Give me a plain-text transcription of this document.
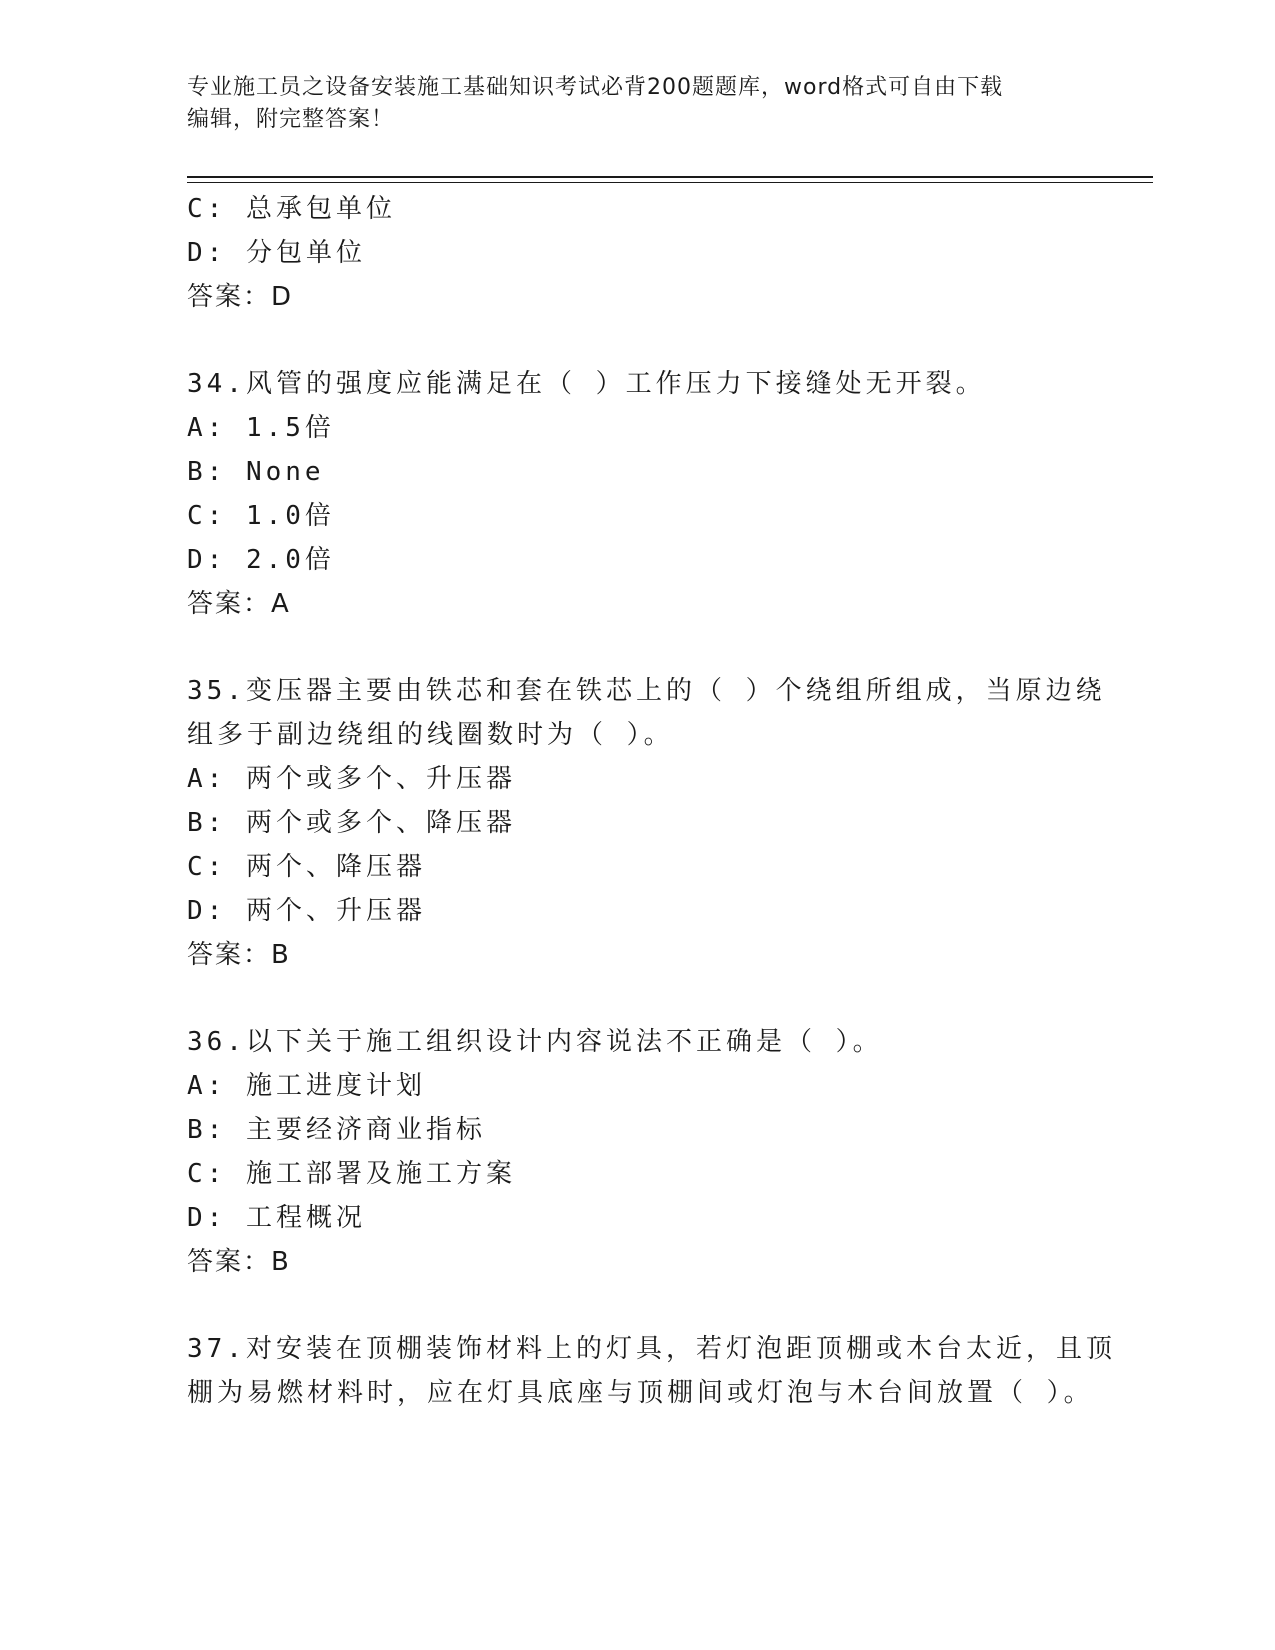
专业施工员之设备安装施工基础知识考试必背200题题库，word格式可自由下载
编辑，附完整答案！
C: 总承包单位
D: 分包单位
答案：D
34.风管的强度应能满足在（ ）工作压力下接缝处无开裂。
A: 1.5倍
B: None
C: 1.0倍
D: 2.0倍
答案：A
35.变压器主要由铁芯和套在铁芯上的（ ）个绕组所组成，当原边绕
组多于副边绕组的线圈数时为（ ）。
A: 两个或多个、升压器
B: 两个或多个、降压器
C: 两个、降压器
D: 两个、升压器
答案：B
36.以下关于施工组织设计内容说法不正确是（ ）。
A: 施工进度计划
B: 主要经济商业指标
C: 施工部署及施工方案
D: 工程概况
答案：B
37.对安装在顶棚装饰材料上的灯具，若灯泡距顶棚或木台太近，且顶
棚为易燃材料时，应在灯具底座与顶棚间或灯泡与木台间放置（ ）。
